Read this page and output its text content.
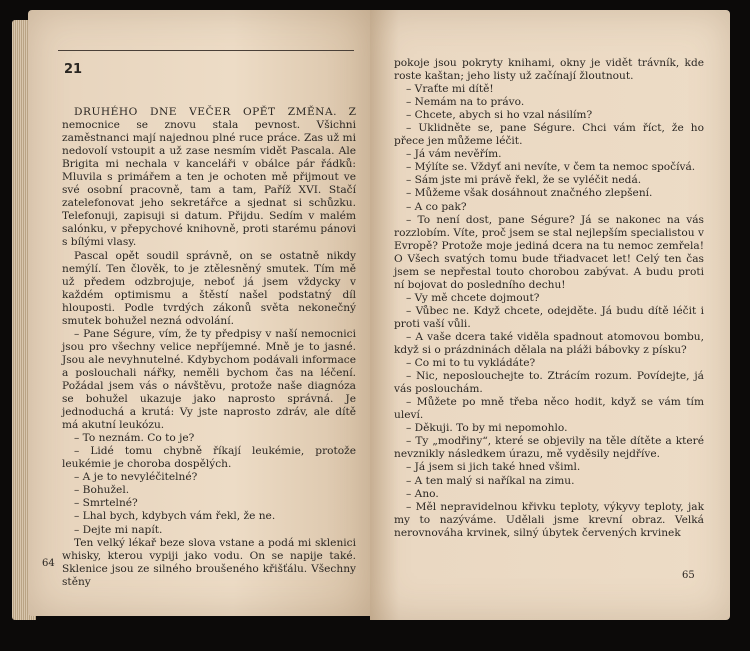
21

DRUHÉHO DNE VEČER OPĚT ZMĚNA. Z nemocnice se znovu stala pevnost. Všichni zaměstnanci mají najednou plné ruce práce. Zas už mi nedovolí vstoupit a už zase nesmím vidět Pascala. Ale Brigita mi nechala v kanceláři v obálce pár řádků: Mluvila s primářem a ten je ochoten mě přijmout ve své osobní pracovně, tam a tam, Paříž XVI. Stačí zatelefonovat jeho sekretářce a sjednat si schůzku. Telefonuji, zapisuji si datum. Přijdu. Sedím v malém salónku, v přepychové knihovně, proti starému pánovi s bílými vlasy.

Pascal opět soudil správně, on se ostatně nikdy nemýlí. Ten člověk, to je ztělesněný smutek. Tím mě už předem odzbrojuje, neboť já jsem vždycky v každém optimismu a štěstí našel podstatný díl hlouposti. Podle tvrdých zákonů světa nekonečný smutek bohužel nezná odvolání.

– Pane Ségure, vím, že ty předpisy v naší nemocnici jsou pro všechny velice nepříjemné. Mně je to jasné. Jsou ale nevyhnutelné. Kdybychom podávali informace a poslouchali nářky, neměli bychom čas na léčení. Požádal jsem vás o návštěvu, protože naše diagnóza se bohužel ukazuje jako naprosto správná. Je jednoduchá a krutá: Vy jste naprosto zdráv, ale dítě má akutní leukózu.

– To neznám. Co to je?

– Lidé tomu chybně říkají leukémie, protože leukémie je choroba dospělých.

– A je to nevyléčitelné?

– Bohužel.

– Smrtelné?

– Lhal bych, kdybych vám řekl, že ne.

– Dejte mi napít.

Ten velký lékař beze slova vstane a podá mi sklenici whisky, kterou vypiji jako vodu. On se napije také. Sklenice jsou ze silného broušeného křišťálu. Všechny stěny

64

pokoje jsou pokryty knihami, okny je vidět trávník, kde roste kaštan; jeho listy už začínají žloutnout.

– Vraťte mi dítě!

– Nemám na to právo.

– Chcete, abych si ho vzal násilím?

– Uklidněte se, pane Ségure. Chci vám říct, že ho přece jen můžeme léčit.

– Já vám nevěřím.

– Mýlíte se. Vždyť ani nevíte, v čem ta nemoc spočívá.

– Sám jste mi právě řekl, že se vyléčit nedá.

– Můžeme však dosáhnout značného zlepšení.

– A co pak?

– To není dost, pane Ségure? Já se nakonec na vás rozzlobím. Víte, proč jsem se stal nejlepším specialistou v Evropě? Protože moje jediná dcera na tu nemoc zemřela! O Všech svatých tomu bude třiadvacet let! Celý ten čas jsem se nepřestal touto chorobou zabývat. A budu proti ní bojovat do posledního dechu!

– Vy mě chcete dojmout?

– Vůbec ne. Když chcete, odejděte. Já budu dítě léčit i proti vaší vůli.

– A vaše dcera také viděla spadnout atomovou bombu, když si o prázdninách dělala na pláži bábovky z písku?

– Co mi to tu vykládáte?

– Nic, neposlouchejte to. Ztrácím rozum. Povídejte, já vás poslouchám.

– Můžete po mně třeba něco hodit, když se vám tím uleví.

– Děkuji. To by mi nepomohlo.

– Ty „modřiny“, které se objevily na těle dítěte a které nevznikly následkem úrazu, mě vyděsily nejdříve.

– Já jsem si jich také hned všiml.

– A ten malý si naříkal na zimu.

– Ano.

– Měl nepravidelnou křivku teploty, výkyvy teploty, jak my to nazýváme. Udělali jsme krevní obraz. Velká nerovnováha krvinek, silný úbytek červených krvinek

65
